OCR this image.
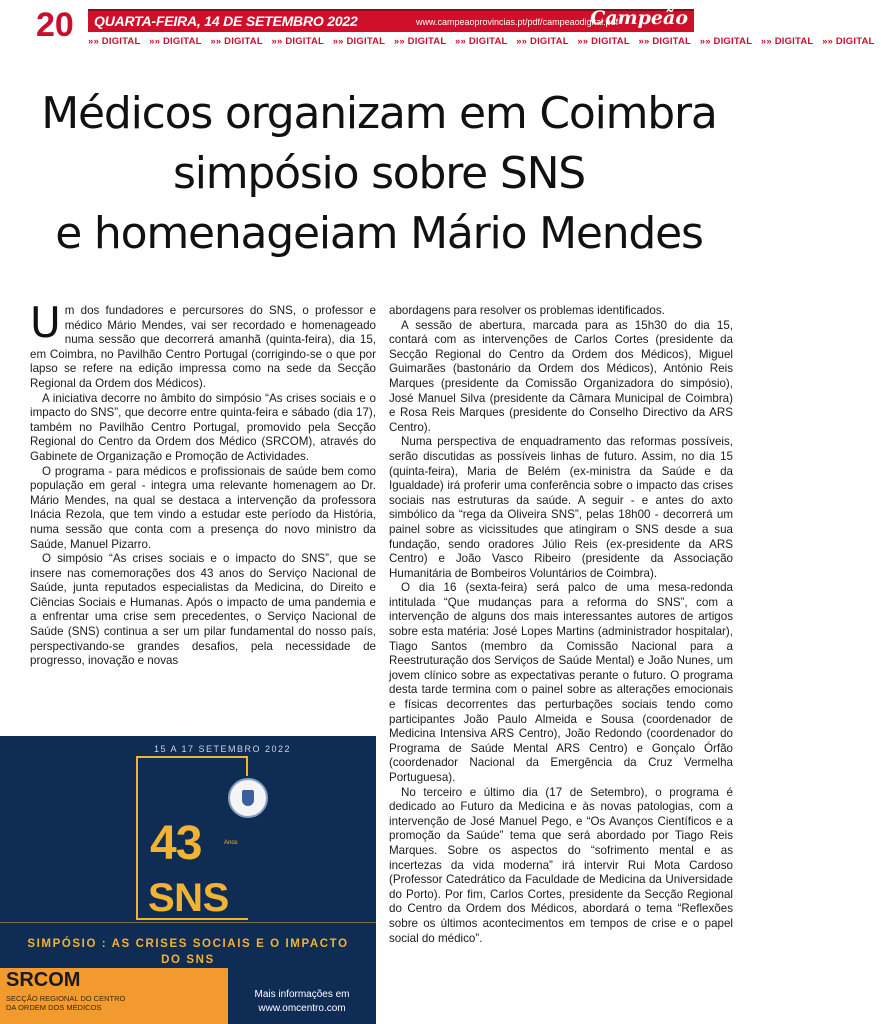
20 QUARTA-FEIRA, 14 DE SETEMBRO 2022	www.campeaoprovincias.pt/pdf/campeaodigital.pdf
Campeão
»» DIGITAL »» DIGITAL »» DIGITAL »» DIGITAL »» DIGITAL »» DIGITAL »» DIGITAL »» DIGITAL »» DIGITAL »» DIGITAL »» DIGITAL »» DIGITAL »» DIGITAL
Médicos organizam em Coimbra
simpósio sobre SNS
e homenageiam Mário Mendes

Um dos fundadores e percursores do SNS, o professor e médico Mário Mendes, vai ser recordado e homenageado numa sessão que decorrerá amanhã (quinta-feira), dia 15, em Coimbra, no Pavilhão Centro Portugal (corrigindo-se o que por lapso se refere na edição impressa como na sede da Secção Regional da Ordem dos Médicos).

A iniciativa decorre no âmbito do simpósio “As crises sociais e o impacto do SNS”, que decorre entre quinta-feira e sábado (dia 17), também no Pavilhão Centro Portugal, promovido pela Secção Regional do Centro da Ordem dos Médico (SRCOM), através do Gabinete de Organização e Promoção de Actividades.

O programa - para médicos e profissionais de saúde bem como população em geral - integra uma relevante homenagem ao Dr. Mário Mendes, na qual se destaca a intervenção da professora Inácia Rezola, que tem vindo a estudar este período da História, numa sessão que conta com a presença do novo ministro da Saúde, Manuel Pizarro.

O simpósio “As crises sociais e o impacto do SNS”, que se insere nas comemorações dos 43 anos do Serviço Nacional de Saúde, junta reputados especialistas da Medicina, do Direito e Ciências Sociais e Humanas. Após o impacto de uma pandemia e a enfrentar uma crise sem precedentes, o Serviço Nacional de Saúde (SNS) continua a ser um pilar fundamental do nosso país, perspectivando-se grandes desafios, pela necessidade de progresso, inovação e novas

abordagens para resolver os problemas identificados.

A sessão de abertura, marcada para as 15h30 do dia 15, contará com as intervenções de Carlos Cortes (presidente da Secção Regional do Centro da Ordem dos Médicos), Miguel Guimarães (bastonário da Ordem dos Médicos), António Reis Marques (presidente da Comissão Organizadora do simpósio), José Manuel Silva (presidente da Câmara Municipal de Coimbra) e Rosa Reis Marques (presidente do Conselho Directivo da ARS Centro).

Numa perspectiva de enquadramento das reformas possíveis, serão discutidas as possíveis linhas de futuro. Assim, no dia 15 (quinta-feira), Maria de Belém (ex-ministra da Saúde e da Igualdade) irá proferir uma conferência sobre o impacto das crises sociais nas estruturas da saúde. A seguir - e antes do axto simbólico da “rega da Oliveira SNS”, pelas 18h00 - decorrerá um painel sobre as vicissitudes que atingiram o SNS desde a sua fundação, sendo oradores Júlio Reis (ex-presidente da ARS Centro) e João Vasco Ribeiro (presidente da Associação Humanitária de Bombeiros Voluntários de Coimbra).

O dia 16 (sexta-feira) será palco de uma mesa-redonda intitulada “Que mudanças para a reforma do SNS”, com a intervenção de alguns dos mais interessantes autores de artigos sobre esta matéria: José Lopes Martins (administrador hospitalar), Tiago Santos (membro da Comissão Nacional para a Reestruturação dos Serviços de Saúde Mental) e João Nunes, um jovem clínico sobre as expectativas perante o futuro. O programa desta tarde termina com o painel sobre as alterações emocionais e físicas decorrentes das perturbações sociais tendo como participantes João Paulo Almeida e Sousa (coordenador de Medicina Intensiva ARS Centro), João Redondo (coordenador do Programa de Saúde Mental ARS Centro) e Gonçalo Órfão (coordenador Nacional da Emergência da Cruz Vermelha Portuguesa).

No terceiro e último dia (17 de Setembro), o programa é dedicado ao Futuro da Medicina e às novas patologias, com a intervenção de José Manuel Pego, e “Os Avanços Científicos e a promoção da Saúde” tema que será abordado por Tiago Reis Marques. Sobre os aspectos do “sofrimento mental e as incertezas da vida moderna” irá intervir Rui Mota Cardoso (Professor Catedrático da Faculdade de Medicina da Universidade do Porto). Por fim, Carlos Cortes, presidente da Secção Regional do Centro da Ordem dos Médicos, abordará o tema “Reflexões sobre os últimos acontecimentos em tempos de crise e o papel social do médico”.

15 A 17 SETEMBRO 2022
43	Anos
SNS
SIMPÓSIO : AS CRISES SOCIAIS E O IMPACTO DO SNS
SRCOM
SECÇÃO REGIONAL DO CENTRO
DA ORDEM DOS MÉDICOS
Mais informações em
www.omcentro.com
